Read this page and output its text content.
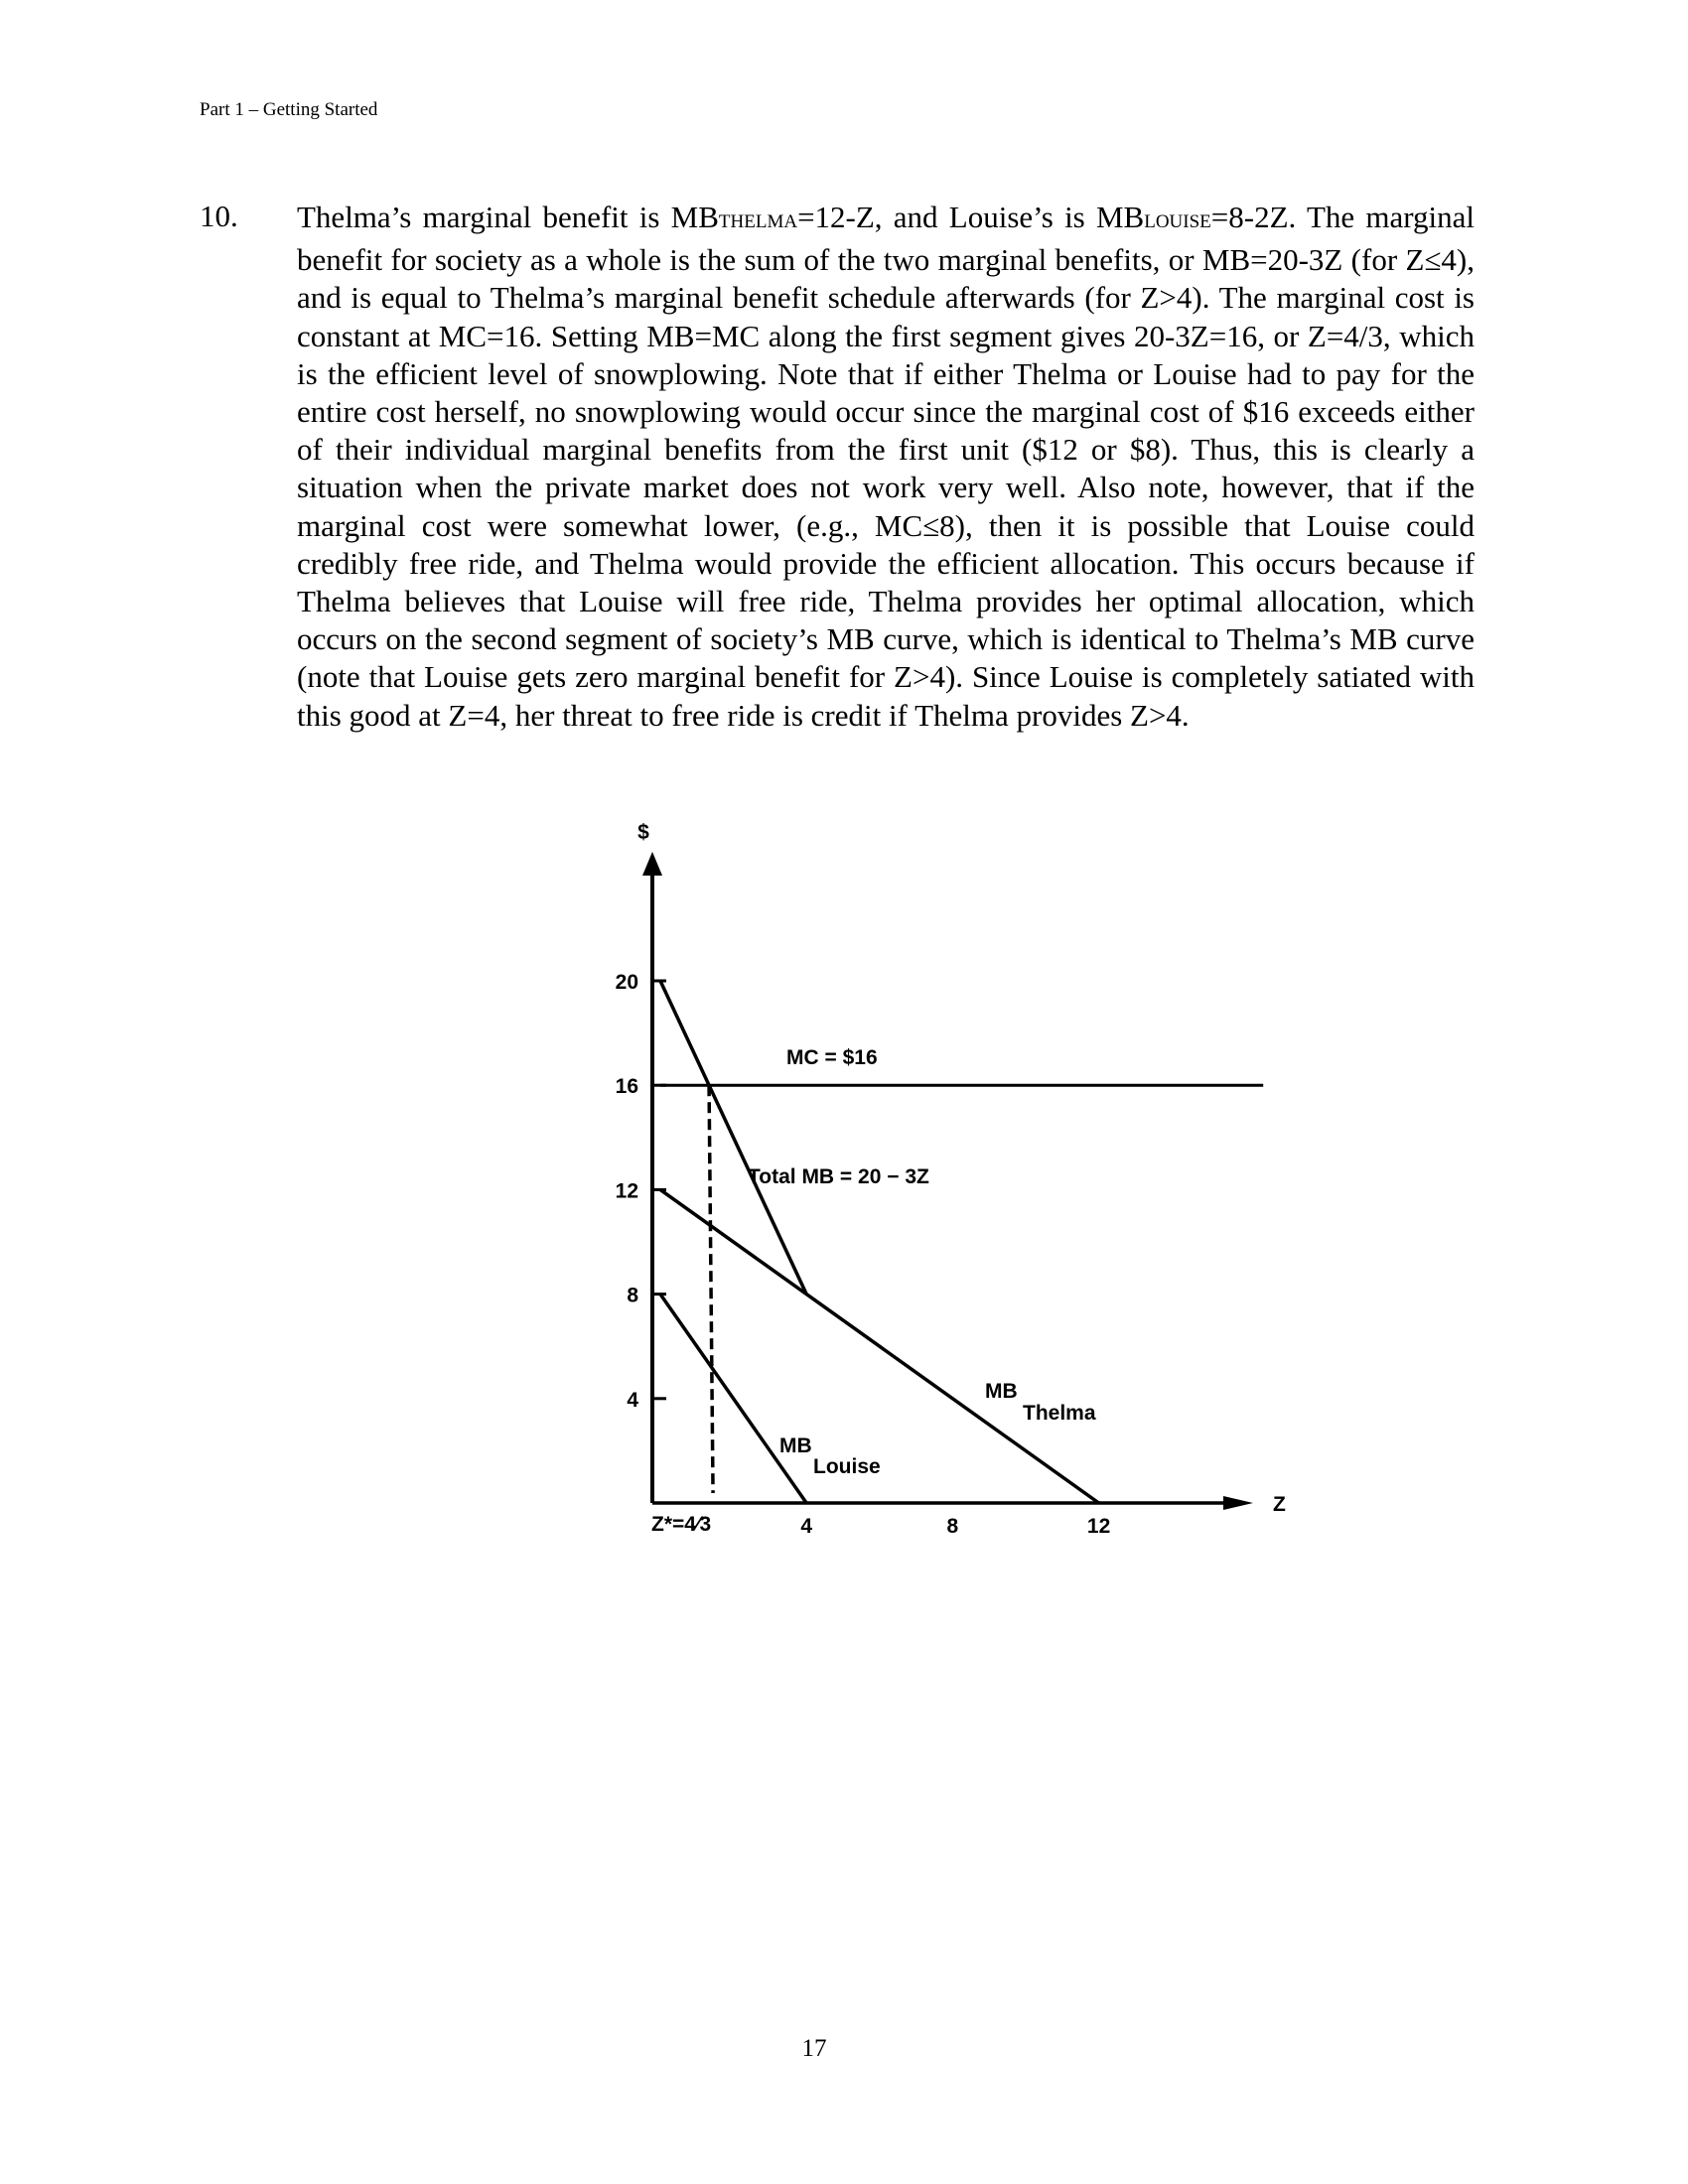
Part 1 – Getting Started
10. Thelma’s marginal benefit is MBTHELMA=12-Z, and Louise’s is MBLOUISE=8-2Z. The marginal benefit for society as a whole is the sum of the two marginal benefits, or MB=20-3Z (for Z≤4), and is equal to Thelma’s marginal benefit schedule afterwards (for Z>4). The marginal cost is constant at MC=16. Setting MB=MC along the first segment gives 20-3Z=16, or Z=4/3, which is the efficient level of snowplowing. Note that if either Thelma or Louise had to pay for the entire cost herself, no snowplowing would occur since the marginal cost of $16 exceeds either of their individual marginal benefits from the first unit ($12 or $8). Thus, this is clearly a situation when the private market does not work very well. Also note, however, that if the marginal cost were somewhat lower, (e.g., MC≤8), then it is possible that Louise could credibly free ride, and Thelma would provide the efficient allocation. This occurs because if Thelma believes that Louise will free ride, Thelma provides her optimal allocation, which occurs on the second segment of society’s MB curve, which is identical to Thelma’s MB curve (note that Louise gets zero marginal benefit for Z>4). Since Louise is completely satiated with this good at Z=4, her threat to free ride is credit if Thelma provides Z>4.
$
Z
4
8
12
16
20
4	8	12
Z*=4⁄3
MC = $16
Total MB = 20 − 3Z
MB
Thelma
MB
Louise
17
